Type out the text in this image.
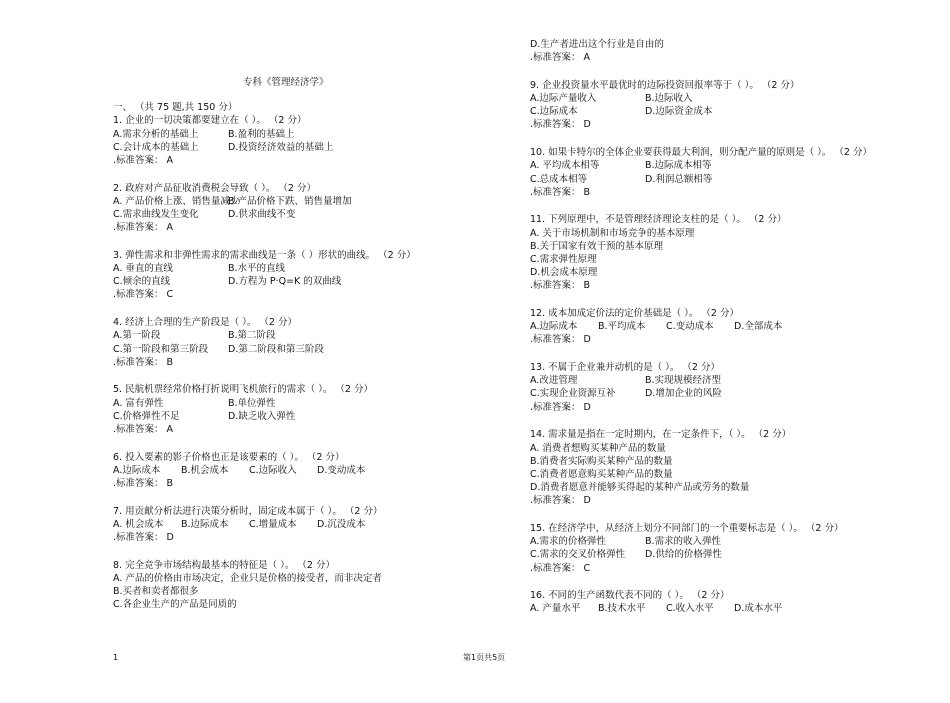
专科《管理经济学》
一、 （共 75 题,共 150 分）
1. 企业的一切决策都要建立在（ ）。 （2 分）
A.需求分析的基础上	B.盈利的基础上
C.会计成本的基础上	D.投资经济效益的基础上
.标准答案： A
2. 政府对产品征收消费税会导致（ ）。 （2 分）
A. 产品价格上涨、销售量减少
B.产品价格下跌、销售量增加
C.需求曲线发生变化	D.供求曲线不变
.标准答案： A
3. 弹性需求和非弹性需求的需求曲线是一条（ ）形状的曲线。 （2 分）
A. 垂直的直线	B.水平的直线
C.倾余的直线	D.方程为 P·Q=K 的双曲线
.标准答案： C
4. 经济上合理的生产阶段是（ ）。 （2 分）
A.第一阶段	B.第二阶段
C.第一阶段和第三阶段 D.第二阶段和第三阶段
.标准答案： B
5. 民航机票经常价格打折说明飞机旅行的需求（ ）。 （2 分）
A. 富有弹性	B.单位弹性
C.价格弹性不足	D.缺乏收入弹性
.标准答案： A
6. 投入要素的影子价格也正是该要素的（ ）。 （2 分）
A.边际成本 B.机会成本 C.边际收入 D.变动成本
.标准答案： B
7. 用贡献分析法进行决策分析时，固定成本属于（ ）。 （2 分）
A. 机会成本 B.边际成本 C.增量成本 D.沉没成本
.标准答案： D
8. 完全竞争市场结构最基本的特征是（ ）。 （2 分）
A. 产品的价格由市场决定，企业只是价格的接受者，而非决定者
B.买者和卖者都很多
C.各企业生产的产品是同质的
D.生产者进出这个行业是自由的
.标准答案： A
9. 企业投资量水平最优时的边际投资回报率等于（ ）。 （2 分）
A.边际产量收入	B.边际收入
C.边际成本	D.边际资金成本
.标准答案： D
10. 如果卡特尔的全体企业要获得最大利润，则分配产量的原则是（ ）。 （2 分）
A. 平均成本相等	B.边际成本相等
C.总成本相等	D.利润总额相等
.标准答案： B
11. 下列原理中，不是管理经济理论支柱的是（ ）。 （2 分）
A. 关于市场机制和市场竞争的基本原理
B.关于国家有效干预的基本原理
C.需求弹性原理
D.机会成本原理
.标准答案： B
12. 成本加成定价法的定价基础是（ ）。 （2 分）
A.边际成本 B.平均成本 C.变动成本 D.全部成本
.标准答案： D
13. 不属于企业兼并动机的是（ ）。 （2 分）
A.改进管理	B.实现规模经济型
C.实现企业资源互补	D.增加企业的风险
.标准答案： D
14. 需求量是指在一定时期内，在一定条件下，（ ）。 （2 分）
A. 消费者想购买某种产品的数量
B.消费者实际购买某种产品的数量
C.消费者愿意购买某种产品的数量
D.消费者愿意并能够买得起的某种产品或劳务的数量
.标准答案： D
15. 在经济学中，从经济上划分不同部门的一个重要标志是（ ）。 （2 分）
A.需求的价格弹性	B.需求的收入弹性
C.需求的交叉价格弹性 D.供给的价格弹性
.标准答案： C
16. 不同的生产函数代表不同的（ ）。 （2 分）
A. 产量水平 B.技术水平 C.收入水平 D.成本水平
1	第1页共5页
